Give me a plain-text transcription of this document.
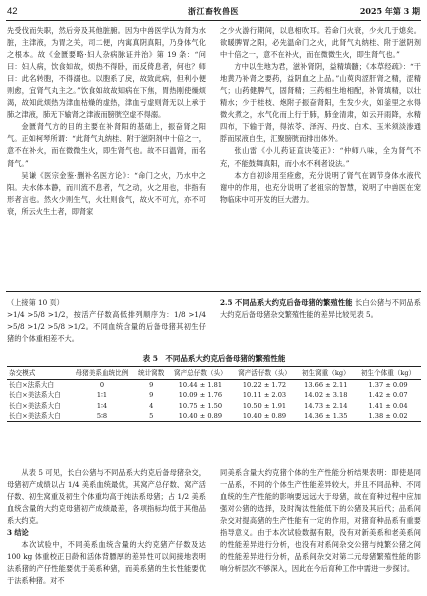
42	浙江畜牧兽医	2025 年第 3 期

先受伐而失职，然后旁及其他脏腑。因为中兽医学认为肾为水脏，主津液，为胃之关，司二便，内寓真阴真阳，乃身体气化之根本。故《金匮要略·妇人杂病脉证并治》第 19 条：“问曰：妇人病，饮食如故，烦热不得卧，而反倚息者，何也？师曰：此名转胞，不得溺也。以胞系了戾，故致此病，但利小便则愈，宜肾气丸主之。”饮食如故故知病在下焦，胃热刚使燥烦渴，故知此烦热为津血枯燥的虚热，津血亏虚则肾无以上承于肺之津液，肺无下输肾之津液而膀胱空虚不得溺。

金匮肾气方的目的主要在补肾阳的基础上，振奋肾之阳气。正如柯琴所谓：“此肾气丸纳桂、附于滋阴剂中十倍之一，意不在补火，而在微微生火，即生肾气也。故不曰温肾，而名肾气。”

吴谦《医宗金鉴·删补名医方论》：“命门之火，乃水中之阳。夫水体本静，而川流不息者，气之动，火之用也，非指有形者言也。然火少则生气，火壮则食气，故火不可亢，亦不可衰，所云火生土者，即肾家

之少火游行期间，以息相吹耳。若命门火衰，少火几于熄矣。欲暖脾胃之阳，必先温命门之火，此肾气丸纳桂、附于滋阴剂中十倍之一，意不在补火，而在微微生火，即生肾气也。”

方中以生地为君，滋补肾阴，益精填髓；《本草经疏》：“干地黄乃补肾之要药，益阴血之上品。”山萸肉涩肝肾之精，涩精气；山药健脾气，固肾精；三药相生地相配，补肾填精，以壮精水；少于桂枝、炮附子振奋肾阳，生发少火，如釜里之水得微火煮之，水气化而上行于肺，肺金清肃，如云开雨降，水精四布，下输于肾，得浓苓、泽泻、丹皮、白术、玉米须淡渗通脬而尿液自生，汇聚膀胱而排出体外。

张山雷《小儿药证直诀笺正》：“仲师八味，全为肾气不充，不能鼓舞真阳，而小水不利者设法。”

本方自初诊用至痊愈，充分说明了肾气在调节身体水液代谢中的作用，也充分说明了老祖宗的智慧，说明了中兽医在宠物临床中可开发的巨大潜力。

（上接第 10 页）

>1/4 >5/8 >1/2，按活产仔数高低排列顺序为：1/8 >1/4 >5/8 >1/2 >5/8 >1/2。不同血统含量的后备母猪其初生仔猪的个体重相差不大。

2.5 不同品系大约克后备母猪的繁殖性能 长白公猪与不同品系大约克后备母猪杂交繁殖性能的差异比较见表 5。

表 5　不同品系大约克后备母猪的繁殖性能
杂交模式	母猪美系血统比例	统计窝数	窝产总仔数（头）	窝产活仔数（头）	初生窝重（kg）	初生个体重（kg）
长白×法系大白	0	9	10.44 ± 1.81	10.22 ± 1.72	13.66 ± 2.11	1.37 ± 0.09
长白×美法系大白	1∶1	9	10.09 ± 1.76	10.11 ± 2.03	14.02 ± 3.18	1.42 ± 0.07
长白×美法系大白	1∶4	4	10.75 ± 1.50	10.50 ± 1.91	14.73 ± 2.14	1.41 ± 0.04
长白×美法系大白	5∶8	5	10.40 ± 0.89	10.40 ± 0.89	14.36 ± 1.35	1.38 ± 0.02

从表 5 可见，长白公猪与不同品系大约克后备母猪杂交，母猪初产成绩以占 1/4 美系血统最优，其窝产总仔数、窝产活仔数、初生窝重及初生个体重均高于纯法系母猪；占 1/2 美系血统含量的大约克母猪初产成绩最差，各项指标均低于其他品系大约克。

3 结论

本次试验中，不同美系血统含量的大约克猪产仔数及达 100 kg 体重校正日龄和活体背膘厚的差异性可以间接地表明法系猪的产仔性能要优于美系种猪，而美系猪的生长性能要优于法系种猪。对不

同美系含量大约克猪个体的生产性能分析结果表明：即使是同一品系，不同的个体生产性能差异较大，并且不同品种、不同血统的生产性能的影响要远远大于母猪，故在育种过程中应加强对公猪的选择，及时淘汰性能低下的公猪及其后代；品系间杂交对提高猪的生产性能有一定的作用，对猪育种品系有重要指导意义。由于本次试验数据有限，没有对新美系和老美系间的性能差异进行分析，也没有对系间杂交公猪与纯繁公猪之间的性能差异进行分析，品系间杂交对第二元母猪繁殖性能的影响分析层次不够深入，因此在今后育种工作中需进一步探讨。
